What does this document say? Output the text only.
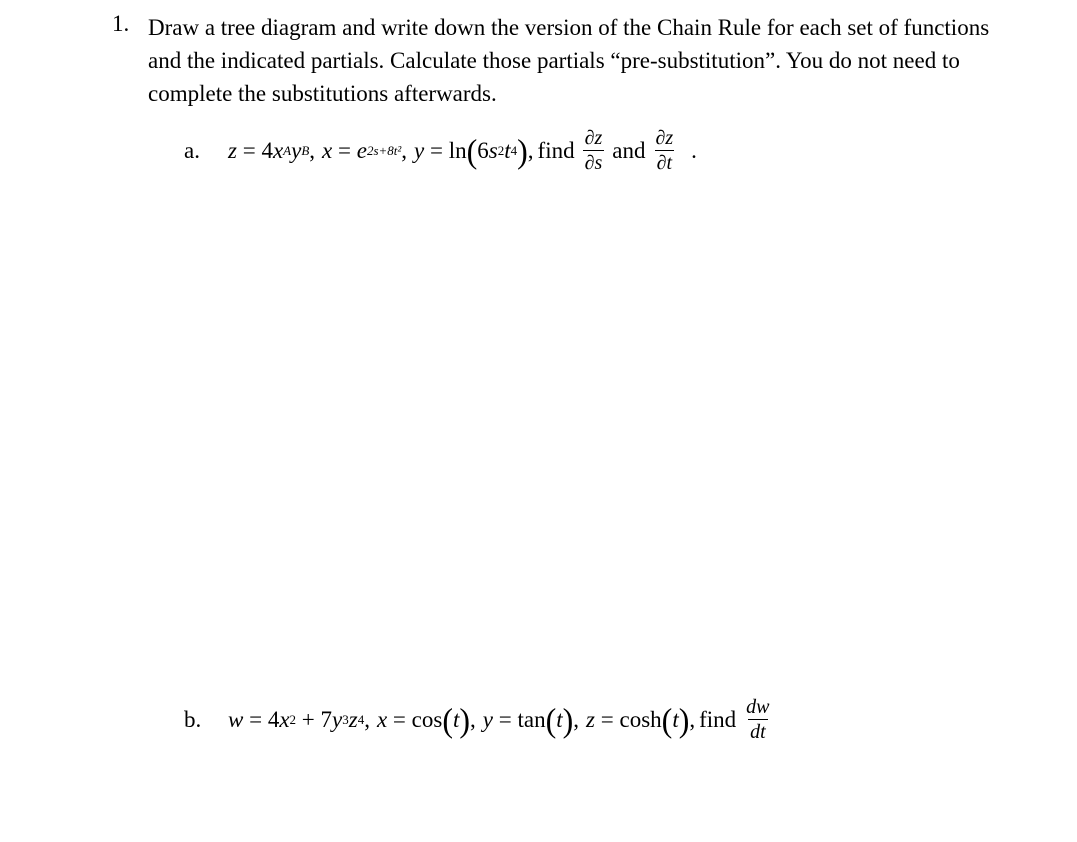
1. Draw a tree diagram and write down the version of the Chain Rule for each set of functions and the indicated partials. Calculate those partials “pre-substitution”. You do not need to complete the substitutions afterwards.
a.	z = 4 x A y B , x = e 2s+8t² , y = ln ( 6 s 2 t 4 ) , find $\frac{\partial z}{\partial s}$ and $\frac{\partial z}{\partial t}$ .
b.	w = 4 x 2 + 7 y 3 z 4 , x = cos ( t ) , y = tan ( t ) , z = cosh ( t ) , find $\frac{dw}{dt}$
